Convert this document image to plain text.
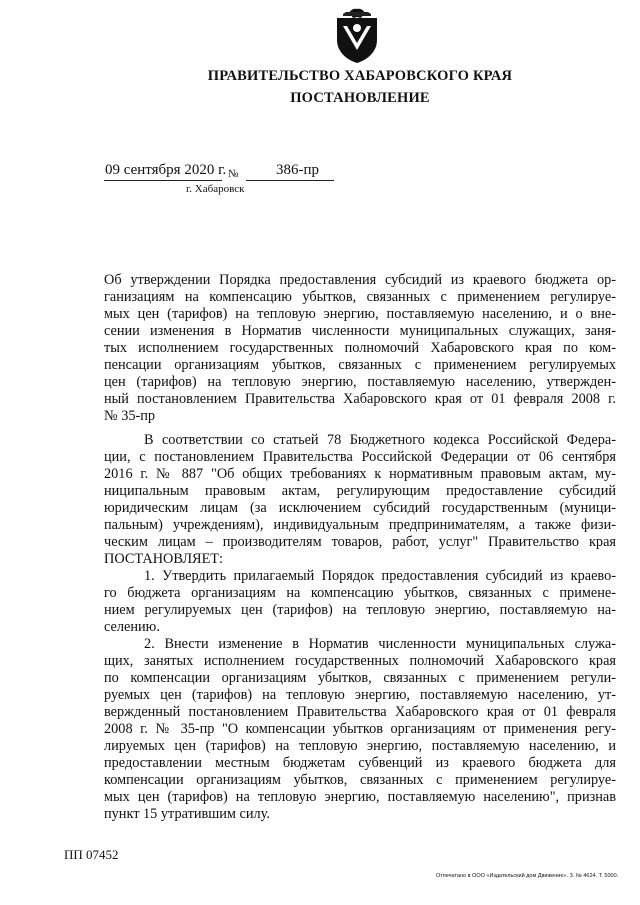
ПРАВИТЕЛЬСТВО ХАБАРОВСКОГО КРАЯ
ПОСТАНОВЛЕНИЕ
09 сентября 2020 г. №	386-пр
г. Хабаровск
Об утверждении Порядка предоставления субсидий из краевого бюджета ор-
ганизациям на компенсацию убытков, связанных с применением регулируе-
мых цен (тарифов) на тепловую энергию, поставляемую населению, и о вне-
сении изменения в Норматив численности муниципальных служащих, заня-
тых исполнением государственных полномочий Хабаровского края по ком-
пенсации организациям убытков, связанных с применением регулируемых
цен (тарифов) на тепловую энергию, поставляемую населению, утвержден-
ный постановлением Правительства Хабаровского края от 01 февраля 2008 г.
№ 35-пр
В соответствии со статьей 78 Бюджетного кодекса Российской Федера-
ции, с постановлением Правительства Российской Федерации от 06 сентября
2016 г. № 887 "Об общих требованиях к нормативным правовым актам, му-
ниципальным правовым актам, регулирующим предоставление субсидий
юридическим лицам (за исключением субсидий государственным (муници-
пальным) учреждениям), индивидуальным предпринимателям, а также физи-
ческим лицам – производителям товаров, работ, услуг" Правительство края
ПОСТАНОВЛЯЕТ:
1. Утвердить прилагаемый Порядок предоставления субсидий из краево-
го бюджета организациям на компенсацию убытков, связанных с примене-
нием регулируемых цен (тарифов) на тепловую энергию, поставляемую на-
селению.
2. Внести изменение в Норматив численности муниципальных служа-
щих, занятых исполнением государственных полномочий Хабаровского края
по компенсации организациям убытков, связанных с применением регули-
руемых цен (тарифов) на тепловую энергию, поставляемую населению, ут-
вержденный постановлением Правительства Хабаровского края от 01 февраля
2008 г. № 35-пр "О компенсации убытков организациям от применения регу-
лируемых цен (тарифов) на тепловую энергию, поставляемую населению, и
предоставлении местным бюджетам субвенций из краевого бюджета для
компенсации организациям убытков, связанных с применением регулируе-
мых цен (тарифов) на тепловую энергию, поставляемую населению", признав
пункт 15 утратившим силу.
ПП 07452
Отпечатано в ООО «Издательский дом Движение». З. № 4624. Т. 5000.
